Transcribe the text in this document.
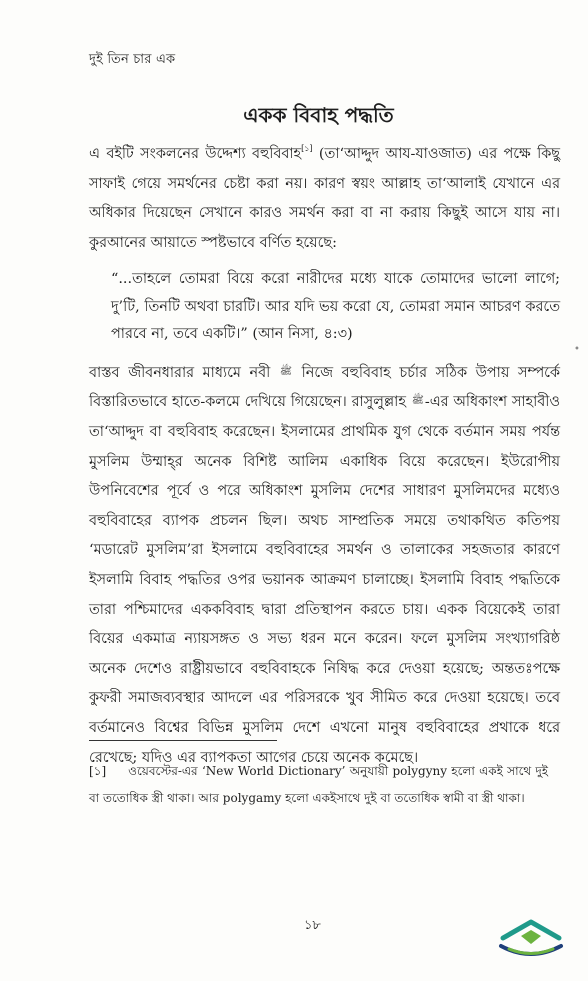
দুই তিন চার এক
একক বিবাহ পদ্ধতি

এ বইটি সংকলনের উদ্দেশ্য বহুবিবাহ[১] (তা‘আদ্দুদ আয-যাওজাত) এর পক্ষে কিছু সাফাই গেয়ে সমর্থনের চেষ্টা করা নয়। কারণ স্বয়ং আল্লাহ তা‘আলাই যেখানে এর অধিকার দিয়েছেন সেখানে কারও সমর্থন করা বা না করায় কিছুই আসে যায় না। কুরআনের আয়াতে স্পষ্টভাবে বর্ণিত হয়েছে:

“...তাহলে তোমরা বিয়ে করো নারীদের মধ্যে যাকে তোমাদের ভালো লাগে; দু’টি, তিনটি অথবা চারটি। আর যদি ভয় করো যে, তোমরা সমান আচরণ করতে পারবে না, তবে একটি।” (আন নিসা, ৪:৩)

বাস্তব জীবনধারার মাধ্যমে নবী ﷺ নিজে বহুবিবাহ চর্চার সঠিক উপায় সম্পর্কে বিস্তারিতভাবে হাতে-কলমে দেখিয়ে গিয়েছেন। রাসুলুল্লাহ ﷺ-এর অধিকাংশ সাহাবীও তা‘আদ্দুদ বা বহুবিবাহ করেছেন। ইসলামের প্রাথমিক যুগ থেকে বর্তমান সময় পর্যন্ত মুসলিম উম্মাহ্‌র অনেক বিশিষ্ট আলিম একাধিক বিয়ে করেছেন। ইউরোপীয় উপনিবেশের পূর্বে ও পরে অধিকাংশ মুসলিম দেশের সাধারণ মুসলিমদের মধ্যেও বহুবিবাহের ব্যাপক প্রচলন ছিল। অথচ সাম্প্রতিক সময়ে তথাকথিত কতিপয় ‘মডারেট মুসলিম’রা ইসলামে বহুবিবাহের সমর্থন ও তালাকের সহজতার কারণে ইসলামি বিবাহ পদ্ধতির ওপর ভয়ানক আক্রমণ চালাচ্ছে। ইসলামি বিবাহ পদ্ধতিকে তারা পশ্চিমাদের এককবিবাহ দ্বারা প্রতিস্থাপন করতে চায়। একক বিয়েকেই তারা বিয়ের একমাত্র ন্যায়সঙ্গত ও সভ্য ধরন মনে করেন। ফলে মুসলিম সংখ্যাগরিষ্ঠ অনেক দেশেও রাষ্ট্রীয়ভাবে বহুবিবাহকে নিষিদ্ধ করে দেওয়া হয়েছে; অন্ততঃপক্ষে কুফরী সমাজব্যবস্থার আদলে এর পরিসরকে খুব সীমিত করে দেওয়া হয়েছে। তবে বর্তমানেও বিশ্বের বিভিন্ন মুসলিম দেশে এখনো মানুষ বহুবিবাহের প্রথাকে ধরে রেখেছে; যদিও এর ব্যাপকতা আগের চেয়ে অনেক কমেছে।

[১] ওয়েবস্টের-এর ‘New World Dictionary’ অনুযায়ী polygyny হলো একই সাথে দুই বা ততোধিক স্ত্রী থাকা। আর polygamy হলো একইসাথে দুই বা ততোধিক স্বামী বা স্ত্রী থাকা।
১৮
•
